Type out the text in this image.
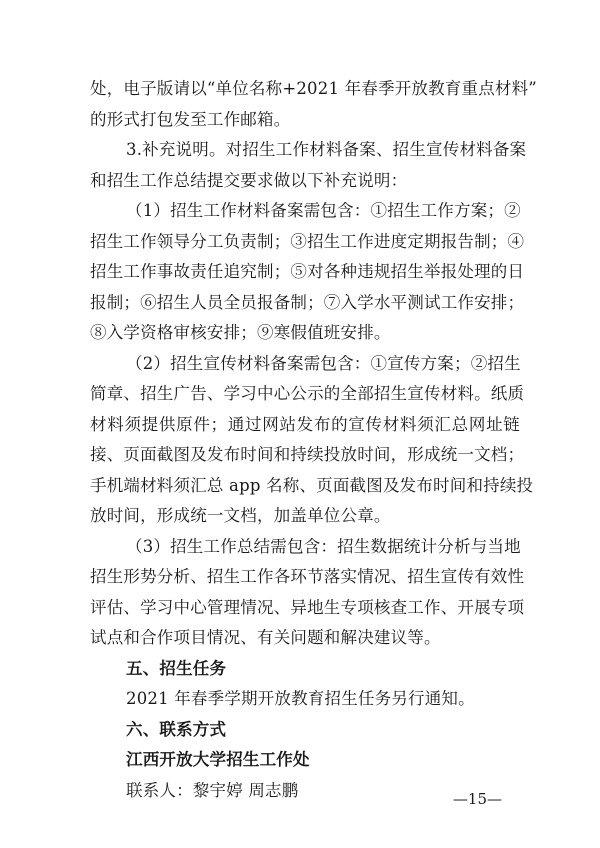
处，电子版请以“单位名称+2021 年春季开放教育重点材料”
的形式打包发至工作邮箱。
3.补充说明。对招生工作材料备案、招生宣传材料备案
和招生工作总结提交要求做以下补充说明：
（1）招生工作材料备案需包含：①招生工作方案；②
招生工作领导分工负责制；③招生工作进度定期报告制；④
招生工作事故责任追究制；⑤对各种违规招生举报处理的日
报制；⑥招生人员全员报备制；⑦入学水平测试工作安排；
⑧入学资格审核安排；⑨寒假值班安排。
（2）招生宣传材料备案需包含：①宣传方案；②招生
简章、招生广告、学习中心公示的全部招生宣传材料。纸质
材料须提供原件；通过网站发布的宣传材料须汇总网址链
接、页面截图及发布时间和持续投放时间，形成统一文档；
手机端材料须汇总 app 名称、页面截图及发布时间和持续投
放时间，形成统一文档，加盖单位公章。
（3）招生工作总结需包含：招生数据统计分析与当地
招生形势分析、招生工作各环节落实情况、招生宣传有效性
评估、学习中心管理情况、异地生专项核查工作、开展专项
试点和合作项目情况、有关问题和解决建议等。
五、招生任务
2021 年春季学期开放教育招生任务另行通知。
六、联系方式
江西开放大学招生工作处
联系人：黎宇婷 周志鹏	—15—
